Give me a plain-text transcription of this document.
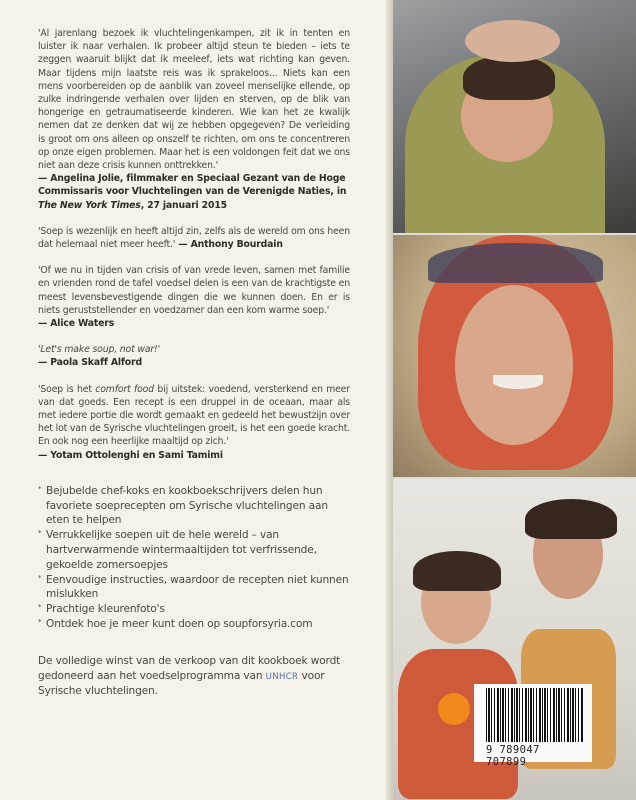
'Al jarenlang bezoek ik vluchtelingenkampen, zit ik in tenten en luister ik naar verhalen. Ik probeer altijd steun te bieden – iets te zeggen waaruit blijkt dat ik meeleef, iets wat richting kan geven. Maar tijdens mijn laatste reis was ik sprakeloos... Niets kan een mens voorbereiden op de aanblik van zoveel menselijke ellende, op zulke indringende verhalen over lijden en sterven, op de blik van hongerige en getraumatiseerde kinderen. Wie kan het ze kwalijk nemen dat ze denken dat wij ze hebben opgegeven? De verleiding is groot om ons alleen op onszelf te richten, om ons te concentreren op onze eigen problemen. Maar het is een voldongen feit dat we ons niet aan deze crisis kunnen onttrekken.'
— Angelina Jolie, filmmaker en Speciaal Gezant van de Hoge Commissaris voor Vluchtelingen van de Verenigde Naties, in The New York Times, 27 januari 2015
'Soep is wezenlijk en heeft altijd zin, zelfs als de wereld om ons heen dat helemaal niet meer heeft.' — Anthony Bourdain
'Of we nu in tijden van crisis of van vrede leven, samen met familie en vrienden rond de tafel voedsel delen is een van de krachtigste en meest levensbevestigende dingen die we kunnen doen. En er is niets geruststellender en voedzamer dan een kom warme soep.'
— Alice Waters
'Let's make soup, not war!'
— Paola Skaff Alford
'Soep is het comfort food bij uitstek: voedend, versterkend en meer van dat goeds. Een recept is een druppel in de oceaan, maar als met iedere portie die wordt gemaakt en gedeeld het bewustzijn over het lot van de Syrische vluchtelingen groeit, is het een goede kracht. En ook nog een heerlijke maaltijd op zich.'
— Yotam Ottolenghi en Sami Tamimi
* Bejubelde chef-koks en kookboekschrijvers delen hun favoriete soeprecepten om Syrische vluchtelingen aan eten te helpen
* Verrukkelijke soepen uit de hele wereld – van hartverwarmende wintermaaltijden tot verfrissende, gekoelde zomersoepjes
* Eenvoudige instructies, waardoor de recepten niet kunnen mislukken
* Prachtige kleurenfoto's
* Ontdek hoe je meer kunt doen op soupforsyria.com
De volledige winst van de verkoop van dit kookboek wordt gedoneerd aan het voedselprogramma van UNHCR voor Syrische vluchtelingen.
9 789047 707899
